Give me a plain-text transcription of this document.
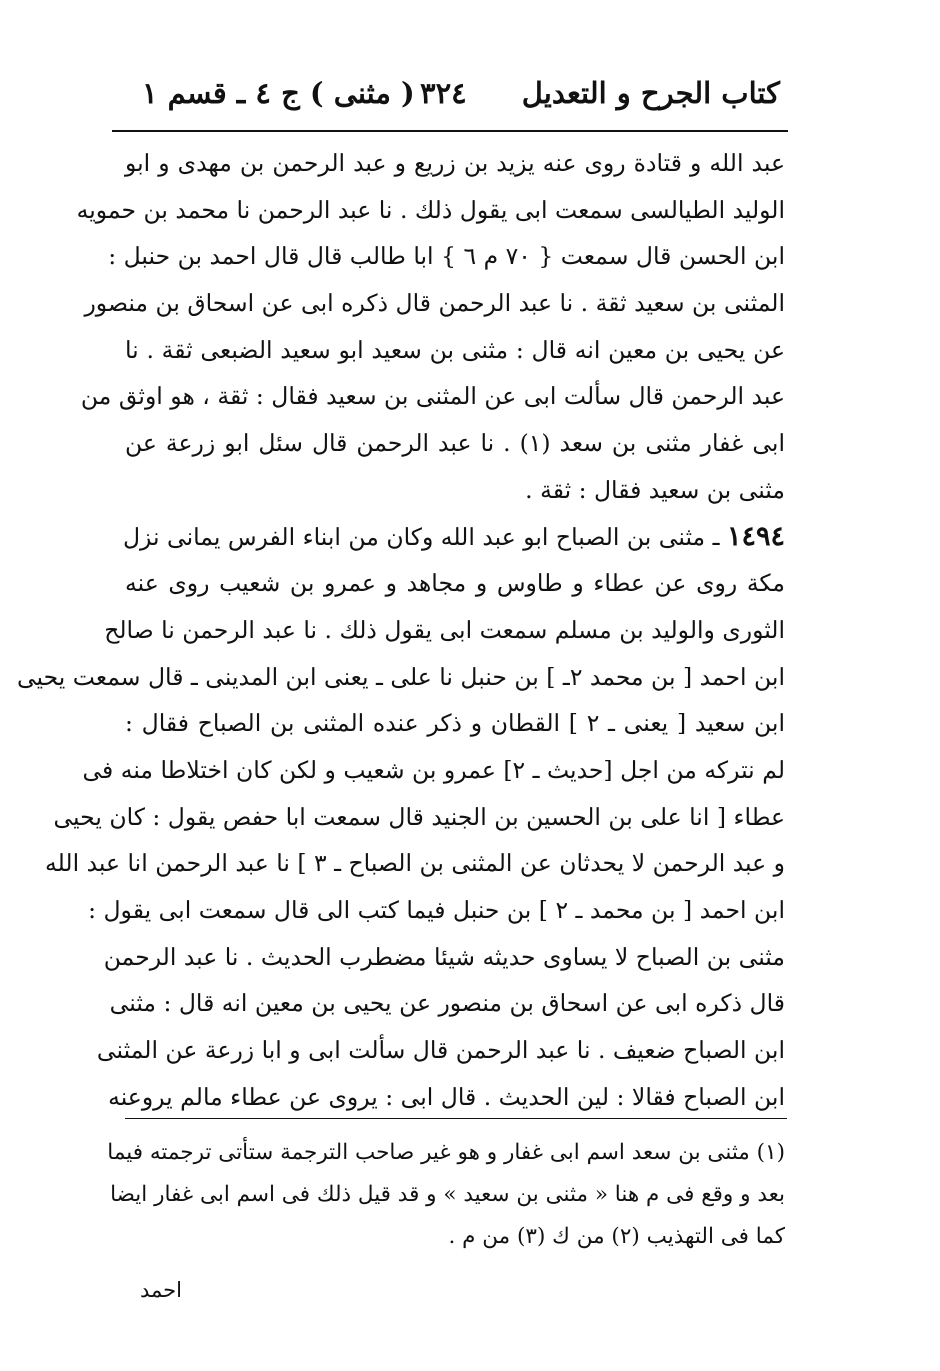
كتاب الجرح و التعديل
٣٢٤
( مثنى ) ج ٤ ـ قسم ١
عبد الله و قتادة روى عنه يزيد بن زريع و عبد الرحمن بن مهدى و ابو
الوليد الطيالسى سمعت ابى يقول ذلك . نا عبد الرحمن نا محمد بن حمويه
ابن الحسن قال سمعت { ٧٠ م ٦ } ابا طالب قال قال احمد بن حنبل :
المثنى بن سعيد ثقة . نا عبد الرحمن قال ذكره ابى عن اسحاق بن منصور
عن يحيى بن معين انه قال : مثنى بن سعيد ابو سعيد الضبعى ثقة . نا
عبد الرحمن قال سألت ابى عن المثنى بن سعيد فقال : ثقة ، هو اوثق من
ابى غفار مثنى بن سعد (١) . نا عبد الرحمن قال سئل ابو زرعة عن
مثنى بن سعيد فقال : ثقة .
١٤٩٤ ـ مثنى بن الصباح ابو عبد الله وكان من ابناء الفرس يمانى نزل
مكة روى عن عطاء و طاوس و مجاهد و عمرو بن شعيب روى عنه
الثورى والوليد بن مسلم سمعت ابى يقول ذلك . نا عبد الرحمن نا صالح
ابن احمد [ بن محمد ٢ـ ] بن حنبل نا على ـ يعنى ابن المدينى ـ قال سمعت يحيى
ابن سعيد [ يعنى ـ ٢ ] القطان و ذكر عنده المثنى بن الصباح فقال :
لم نتركه من اجل [حديث ـ ٢] عمرو بن شعيب و لكن كان اختلاطا منه فى
عطاء [ انا على بن الحسين بن الجنيد قال سمعت ابا حفص يقول : كان يحيى
و عبد الرحمن لا يحدثان عن المثنى بن الصباح ـ ٣ ] نا عبد الرحمن انا عبد الله
ابن احمد [ بن محمد ـ ٢ ] بن حنبل فيما كتب الى قال سمعت ابى يقول :
مثنى بن الصباح لا يساوى حديثه شيئا مضطرب الحديث . نا عبد الرحمن
قال ذكره ابى عن اسحاق بن منصور عن يحيى بن معين انه قال : مثنى
ابن الصباح ضعيف . نا عبد الرحمن قال سألت ابى و ابا زرعة عن المثنى
ابن الصباح فقالا : لين الحديث . قال ابى : يروى عن عطاء مالم يروعنه
(١) مثنى بن سعد اسم ابى غفار و هو غير صاحب الترجمة ستأتى ترجمته فيما
بعد و وقع فى م هنا « مثنى بن سعيد » و قد قيل ذلك فى اسم ابى غفار ايضا
كما فى التهذيب (٢) من ك (٣) من م .
احمد
